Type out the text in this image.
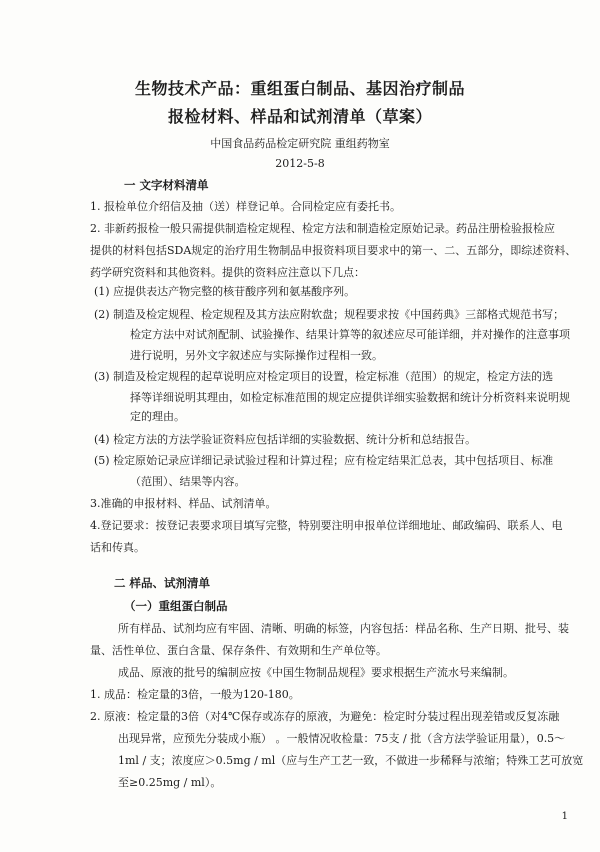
生物技术产品：重组蛋白制品、基因治疗制品
报检材料、样品和试剂清单（草案）
中国食品药品检定研究院 重组药物室
2012-5-8
一 文字材料清单
1. 报检单位介绍信及抽（送）样登记单。合同检定应有委托书。
2. 非新药报检一般只需提供制造检定规程、检定方法和制造检定原始记录。药品注册检验报检应
提供的材料包括SDA规定的治疗用生物制品申报资料项目要求中的第一、二、五部分，即综述资料、
药学研究资料和其他资料。提供的资料应注意以下几点：
(1) 应提供表达产物完整的核苷酸序列和氨基酸序列。
(2) 制造及检定规程、检定规程及其方法应附软盘；规程要求按《中国药典》三部格式规范书写；
检定方法中对试剂配制、试验操作、结果计算等的叙述应尽可能详细，并对操作的注意事项
进行说明，另外文字叙述应与实际操作过程相一致。
(3) 制造及检定规程的起草说明应对检定项目的设置，检定标准（范围）的规定，检定方法的选
择等详细说明其理由，如检定标准范围的规定应提供详细实验数据和统计分析资料来说明规
定的理由。
(4) 检定方法的方法学验证资料应包括详细的实验数据、统计分析和总结报告。
(5) 检定原始记录应详细记录试验过程和计算过程；应有检定结果汇总表，其中包括项目、标准
（范围）、结果等内容。
3.准确的申报材料、样品、试剂清单。
4.登记要求：按登记表要求项目填写完整，特别要注明申报单位详细地址、邮政编码、联系人、电
话和传真。
二 样品、试剂清单
（一）重组蛋白制品
所有样品、试剂均应有牢固、清晰、明确的标签，内容包括：样品名称、生产日期、批号、装
量、活性单位、蛋白含量、保存条件、有效期和生产单位等。
成品、原液的批号的编制应按《中国生物制品规程》要求根据生产流水号来编制。
1. 成品：检定量的3倍，一般为120-180。
2. 原液：检定量的3倍（对4℃保存或冻存的原液，为避免：检定时分装过程出现差错或反复冻融
出现异常，应预先分装成小瓶） 。一般情况收检量：75支 / 批（含方法学验证用量），0.5～
1ml / 支；浓度应＞0.5mg / ml（应与生产工艺一致，不做进一步稀释与浓缩；特殊工艺可放宽
至≥0.25mg / ml）。
1
